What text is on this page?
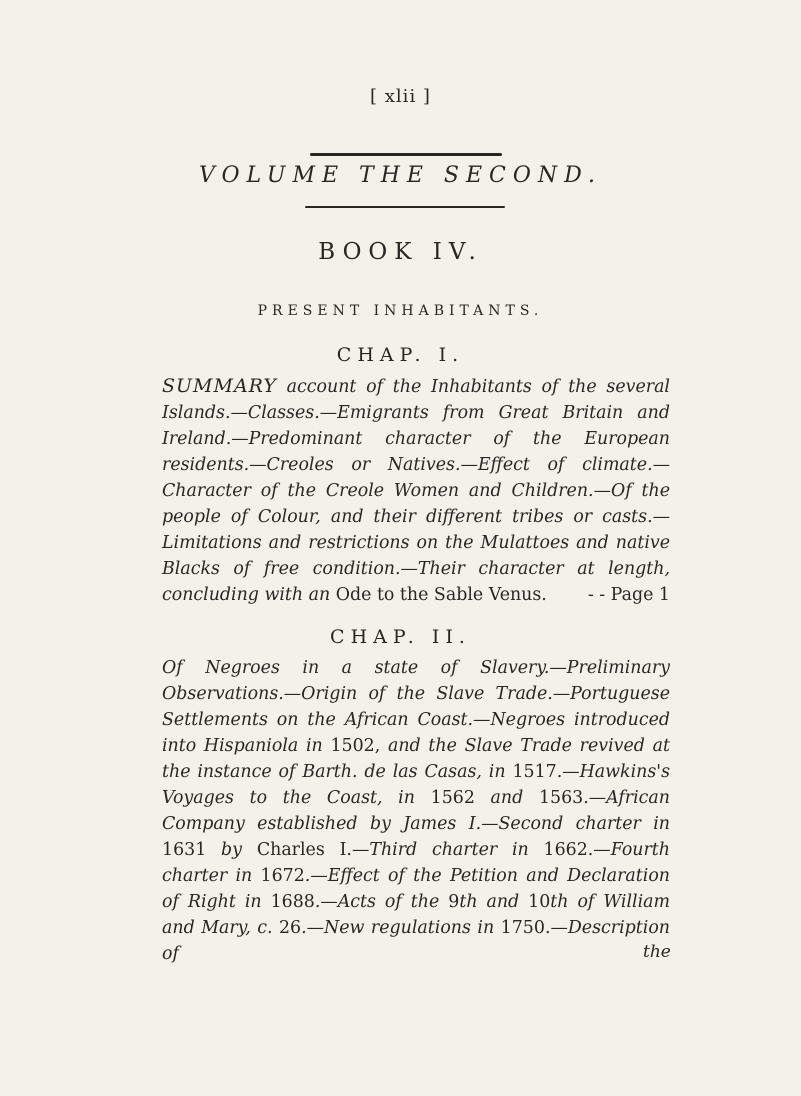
[ xlii ]
VOLUME THE SECOND.
BOOK IV.
PRESENT INHABITANTS.
CHAP. I.
SUMMARY account of the Inhabitants of the several Islands.—Classes.—Emigrants from Great Britain and Ireland.—Predominant character of the European residents.—Creoles or Natives.—Effect of climate.—Character of the Creole Women and Children.—Of the people of Colour, and their different tribes or casts.—Limitations and restrictions on the Mulattoes and native Blacks of free condition.—Their character at length, concluding with an Ode to the Sable Venus. - - Page 1
CHAP. II.
Of Negroes in a state of Slavery.—Preliminary Observations.—Origin of the Slave Trade.—Portuguese Settlements on the African Coast.—Negroes introduced into Hispaniola in 1502, and the Slave Trade revived at the instance of Barth. de las Casas, in 1517.—Hawkins's Voyages to the Coast, in 1562 and 1563.—African Company established by James I.—Second charter in 1631 by Charles I.—Third charter in 1662.—Fourth charter in 1672.—Effect of the Petition and Declaration of Right in 1688.—Acts of the 9th and 10th of William and Mary, c. 26.—New regulations in 1750.—Description of	the
